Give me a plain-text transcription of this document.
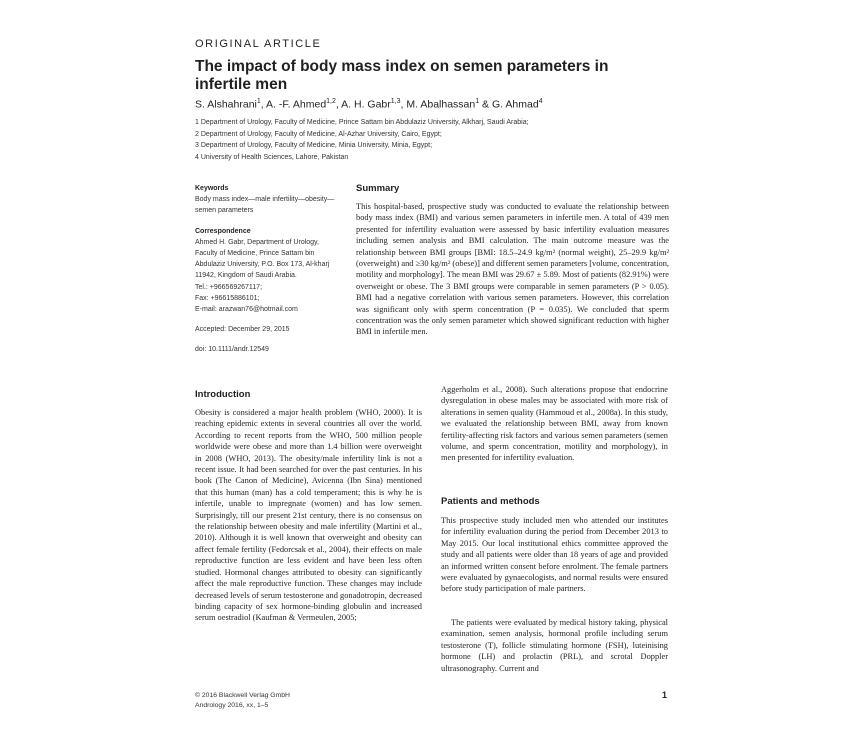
ORIGINAL ARTICLE
The impact of body mass index on semen parameters in infertile men
S. Alshahrani$^1$, A. -F. Ahmed$^{1,2}$, A. H. Gabr$^{1,3}$, M. Abalhassan$^1$ & G. Ahmad$^4$
1 Department of Urology, Faculty of Medicine, Prince Sattam bin Abdulaziz University, Alkharj, Saudi Arabia;
2 Department of Urology, Faculty of Medicine, Al-Azhar University, Cairo, Egypt;
3 Department of Urology, Faculty of Medicine, Minia University, Minia, Egypt;
4 University of Health Sciences, Lahore, Pakistan
Keywords
Body mass index—male infertility—obesity—
semen parameters
Correspondence
Ahmed H. Gabr, Department of Urology,
Faculty of Medicine, Prince Sattam bin
Abdulaziz University, P.O. Box 173, Al-kharj
11942, Kingdom of Saudi Arabia.
Tel.: +966569267117;
Fax: +96615886101;
E-mail: arazwan76@hotmail.com
Accepted: December 29, 2015
doi: 10.1111/andr.12549
Summary

This hospital-based, prospective study was conducted to evaluate the relationship between body mass index (BMI) and various semen parameters in infertile men. A total of 439 men presented for infertility evaluation were assessed by basic infertility evaluation measures including semen analysis and BMI calculation. The main outcome measure was the relationship between BMI groups [BMI: 18.5–24.9 kg/m² (normal weight), 25–29.9 kg/m² (overweight) and ≥30 kg/m² (obese)] and different semen parameters [volume, concentration, motility and morphology]. The mean BMI was 29.67 ± 5.89. Most of patients (82.91%) were overweight or obese. The 3 BMI groups were comparable in semen parameters (P > 0.05). BMI had a negative correlation with various semen parameters. However, this correlation was significant only with sperm concentration (P = 0.035). We concluded that sperm concentration was the only semen parameter which showed significant reduction with higher BMI in infertile men.

Introduction

Obesity is considered a major health problem (WHO, 2000). It is reaching epidemic extents in several countries all over the world. According to recent reports from the WHO, 500 million people worldwide were obese and more than 1.4 billion were overweight in 2008 (WHO, 2013). The obesity/male infertility link is not a recent issue. It had been searched for over the past centuries. In his book (The Canon of Medicine), Avicenna (Ibn Sina) mentioned that this human (man) has a cold temperament; this is why he is infertile, unable to impregnate (women) and has low semen. Surprisingly, till our present 21st century, there is no consensus on the relationship between obesity and male infertility (Martini et al., 2010). Although it is well known that overweight and obesity can affect female fertility (Fedorcsak et al., 2004), their effects on male reproductive function are less evident and have been less often studied. Hormonal changes attributed to obesity can significantly affect the male reproductive function. These changes may include decreased levels of serum testosterone and gonadotropin, decreased binding capacity of sex hormone-binding globulin and increased serum oestradiol (Kaufman & Vermeulen, 2005;

Aggerholm et al., 2008). Such alterations propose that endocrine dysregulation in obese males may be associated with more risk of alterations in semen quality (Hammoud et al., 2008a). In this study, we evaluated the relationship between BMI, away from known fertility-affecting risk factors and various semen parameters (semen volume, and sperm concentration, motility and morphology), in men presented for infertility evaluation.

Patients and methods

This prospective study included men who attended our institutes for infertility evaluation during the period from December 2013 to May 2015. Our local institutional ethics committee approved the study and all patients were older than 18 years of age and provided an informed written consent before enrolment. The female partners were evaluated by gynaecologists, and normal results were ensured before study participation of male partners.

The patients were evaluated by medical history taking, physical examination, semen analysis, hormonal profile including serum testosterone (T), follicle stimulating hormone (FSH), luteinising hormone (LH) and prolactin (PRL), and scrotal Doppler ultrasonography. Current and

© 2016 Blackwell Verlag GmbH
Andrology 2016, xx, 1–5
1
